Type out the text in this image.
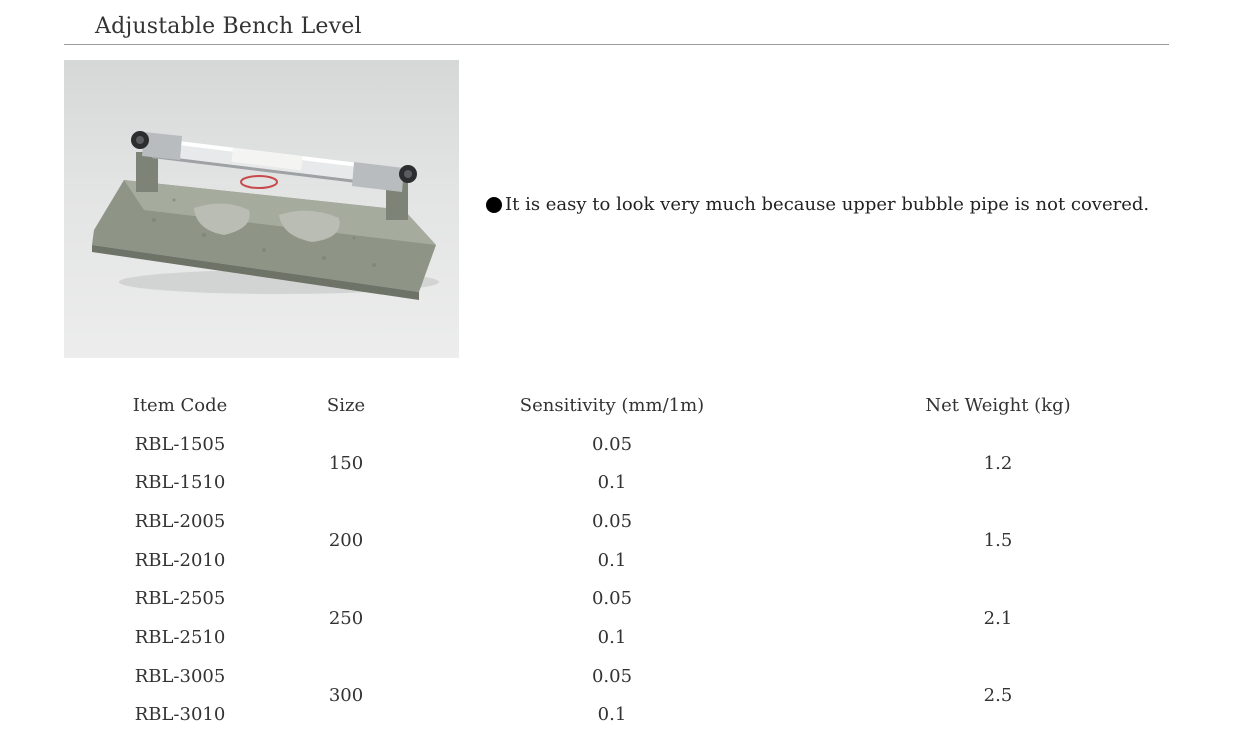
Adjustable Bench Level
It is easy to look very much because upper bubble pipe is not covered.
Item Code	Size	Sensitivity (mm/1m)	Net Weight (kg)
RBL-1505	150	0.05	1.2
RBL-1510		0.1	
RBL-2005	200	0.05	1.5
RBL-2010		0.1	
RBL-2505	250	0.05	2.1
RBL-2510		0.1	
RBL-3005	300	0.05	2.5
RBL-3010		0.1	
